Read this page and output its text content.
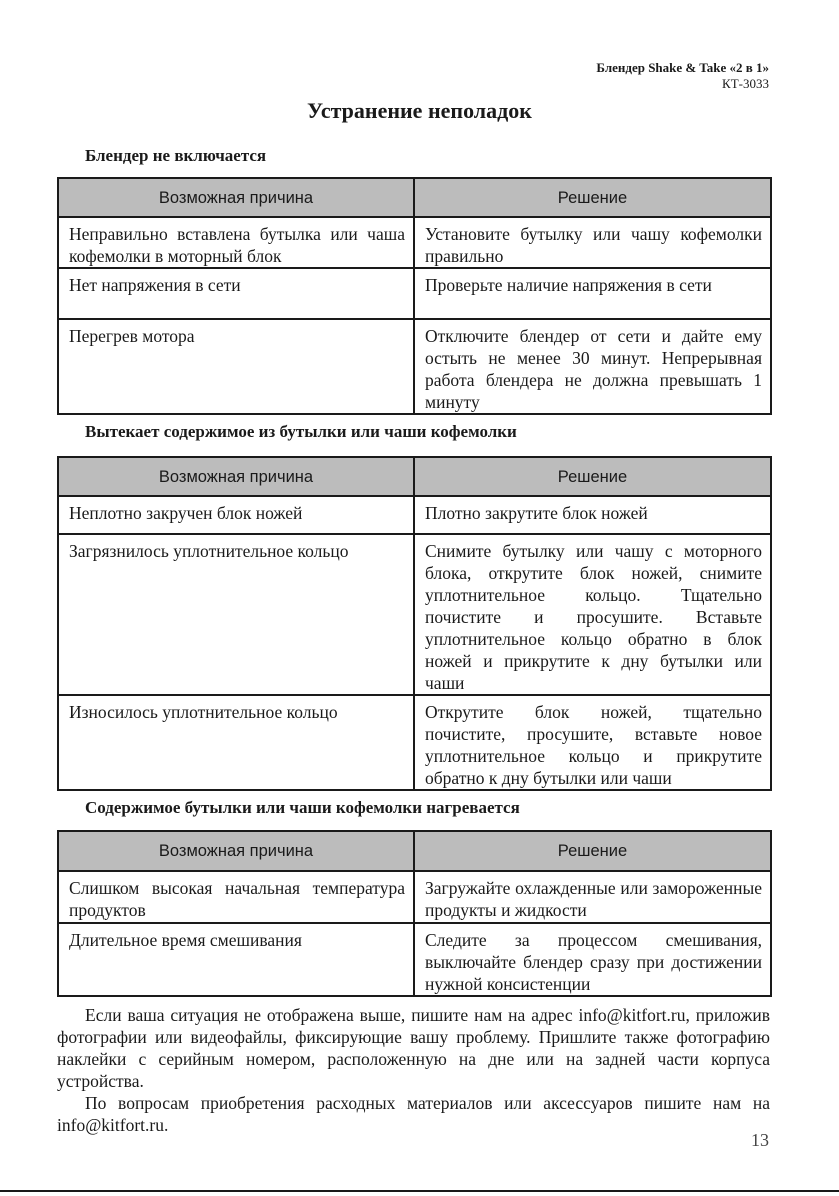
Блендер Shake & Take «2 в 1»
КТ-3033
Устранение неполадок
Блендер не включается
Возможная причина	Решение
Неправильно вставлена бутылка или чаша кофемолки в моторный блок	Установите бутылку или чашу кофемолки правильно
Нет напряжения в сети	Проверьте наличие напряжения в сети
Перегрев мотора	Отключите блендер от сети и дайте ему остыть не менее 30 минут. Непрерывная работа блендера не должна превышать 1 минуту
Вытекает содержимое из бутылки или чаши кофемолки
Возможная причина	Решение
Неплотно закручен блок ножей	Плотно закрутите блок ножей
Загрязнилось уплотнительное кольцо	Снимите бутылку или чашу с моторного блока, открутите блок ножей, снимите уплотнительное кольцо. Тщательно почистите и просушите. Вставьте уплотнительное кольцо обратно в блок ножей и прикрутите к дну бутылки или чаши
Износилось уплотнительное кольцо	Открутите блок ножей, тщательно почистите, просушите, вставьте новое уплотнительное кольцо и прикрутите обратно к дну бутылки или чаши
Содержимое бутылки или чаши кофемолки нагревается
Возможная причина	Решение
Слишком высокая начальная температура продуктов	Загружайте охлажденные или замороженные продукты и жидкости
Длительное время смешивания	Следите за процессом смешивания, выключайте блендер сразу при достижении нужной консистенции

Если ваша ситуация не отображена выше, пишите нам на адрес info@kitfort.ru, приложив фотографии или видеофайлы, фиксирующие вашу проблему. Пришлите также фотографию наклейки с серийным номером, расположенную на дне или на задней части корпуса устройства.

По вопросам приобретения расходных материалов или аксессуаров пишите нам на info@kitfort.ru.

13
